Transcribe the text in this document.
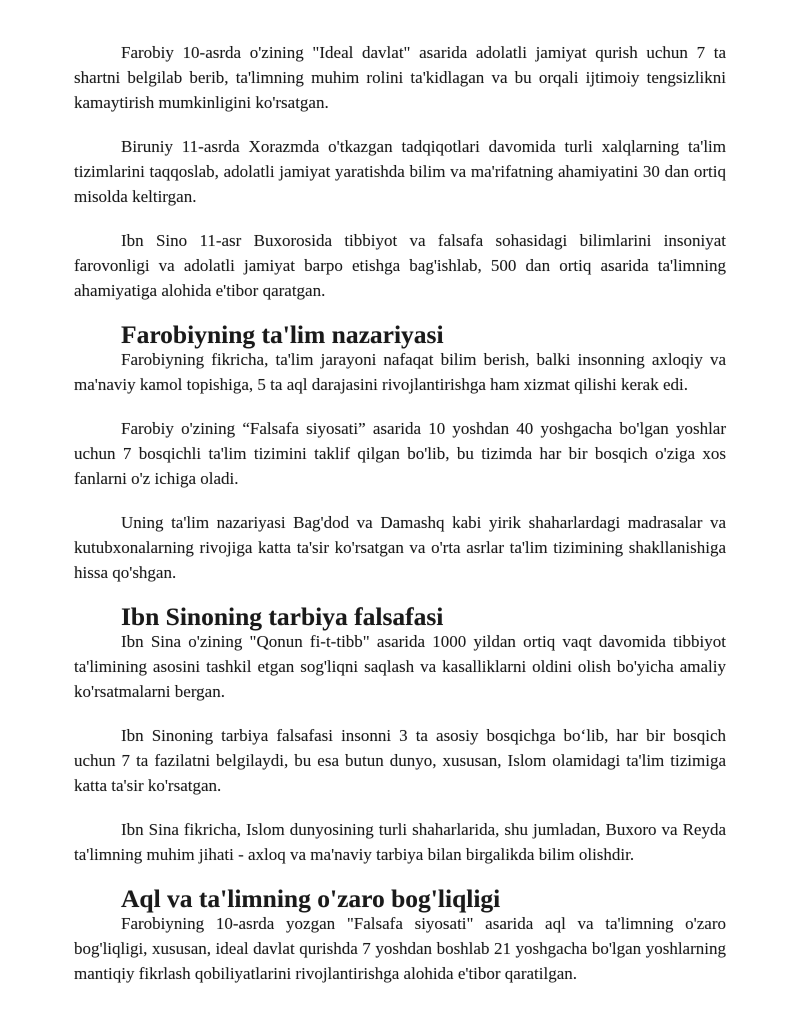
Farobiy 10-asrda o'zining "Ideal davlat" asarida adolatli jamiyat qurish uchun 7 ta shartni belgilab berib, ta'limning muhim rolini ta'kidlagan va bu orqali ijtimoiy tengsizlikni kamaytirish mumkinligini ko'rsatgan.

Biruniy 11-asrda Xorazmda o'tkazgan tadqiqotlari davomida turli xalqlarning ta'lim tizimlarini taqqoslab, adolatli jamiyat yaratishda bilim va ma'rifatning ahamiyatini 30 dan ortiq misolda keltirgan.

Ibn Sino 11-asr Buxorosida tibbiyot va falsafa sohasidagi bilimlarini insoniyat farovonligi va adolatli jamiyat barpo etishga bag'ishlab, 500 dan ortiq asarida ta'limning ahamiyatiga alohida e'tibor qaratgan.

Farobiyning ta'lim nazariyasi

Farobiyning fikricha, ta'lim jarayoni nafaqat bilim berish, balki insonning axloqiy va ma'naviy kamol topishiga, 5 ta aql darajasini rivojlantirishga ham xizmat qilishi kerak edi.

Farobiy o'zining “Falsafa siyosati” asarida 10 yoshdan 40 yoshgacha bo'lgan yoshlar uchun 7 bosqichli ta'lim tizimini taklif qilgan bo'lib, bu tizimda har bir bosqich o'ziga xos fanlarni o'z ichiga oladi.

Uning ta'lim nazariyasi Bag'dod va Damashq kabi yirik shaharlardagi madrasalar va kutubxonalarning rivojiga katta ta'sir ko'rsatgan va o'rta asrlar ta'lim tizimining shakllanishiga hissa qo'shgan.

Ibn Sinoning tarbiya falsafasi

Ibn Sina o'zining "Qonun fi-t-tibb" asarida 1000 yildan ortiq vaqt davomida tibbiyot ta'limining asosini tashkil etgan sog'liqni saqlash va kasalliklarni oldini olish bo'yicha amaliy ko'rsatmalarni bergan.

Ibn Sinoning tarbiya falsafasi insonni 3 ta asosiy bosqichga bo‘lib, har bir bosqich uchun 7 ta fazilatni belgilaydi, bu esa butun dunyo, xususan, Islom olamidagi ta'lim tizimiga katta ta'sir ko'rsatgan.

Ibn Sina fikricha, Islom dunyosining turli shaharlarida, shu jumladan, Buxoro va Reyda ta'limning muhim jihati - axloq va ma'naviy tarbiya bilan birgalikda bilim olishdir.

Aql va ta'limning o'zaro bog'liqligi

Farobiyning 10-asrda yozgan "Falsafa siyosati" asarida aql va ta'limning o'zaro bog'liqligi, xususan, ideal davlat qurishda 7 yoshdan boshlab 21 yoshgacha bo'lgan yoshlarning mantiqiy fikrlash qobiliyatlarini rivojlantirishga alohida e'tibor qaratilgan.
